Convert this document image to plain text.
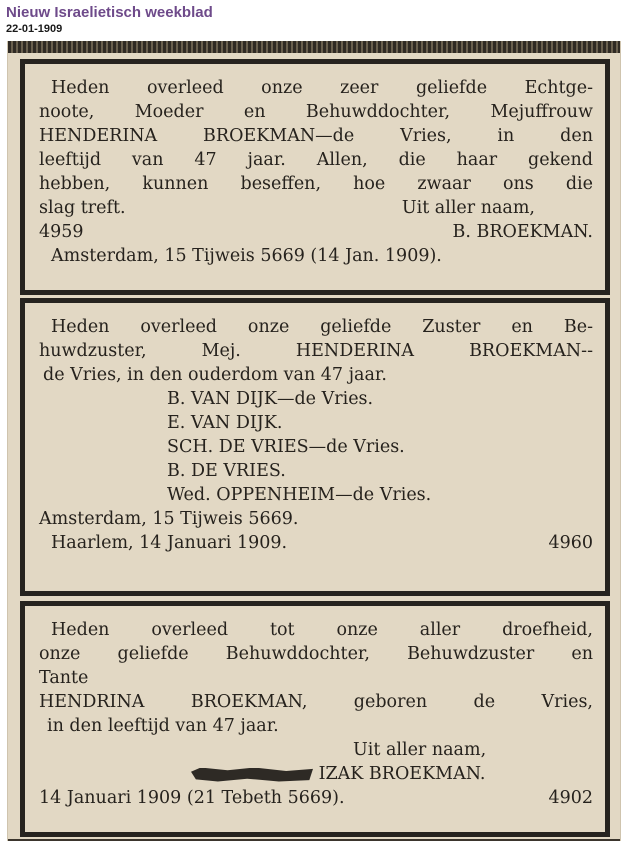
Nieuw Israelietisch weekblad
22-01-1909
Heden overleed onze zeer geliefde Echtge-
noote, Moeder en Behuwddochter, Mejuffrouw
HENDERINA BROEKMAN—de Vries, in den
leeftijd van 47 jaar. Allen, die haar gekend
hebben, kunnen beseffen, hoe zwaar ons die
slag treft.	Uit aller naam,
4959	B. BROEKMAN.
Amsterdam, 15 Tijweis 5669 (14 Jan. 1909).
Heden overleed onze geliefde Zuster en Be-
huwdzuster, Mej. HENDERINA BROEKMAN--
de Vries, in den ouderdom van 47 jaar.
B. VAN DIJK—de Vries.
E. VAN DIJK.
SCH. DE VRIES—de Vries.
B. DE VRIES.
Wed. OPPENHEIM—de Vries.
Amsterdam, 15 Tijweis 5669.
Haarlem, 14 Januari 1909.	4960
Heden overleed tot onze aller droefheid,
onze geliefde Behuwddochter, Behuwdzuster en
Tante
HENDRINA BROEKMAN, geboren de Vries,
in den leeftijd van 47 jaar.
Uit aller naam,
IZAK BROEKMAN.
14 Januari 1909 (21 Tebeth 5669).	4902
